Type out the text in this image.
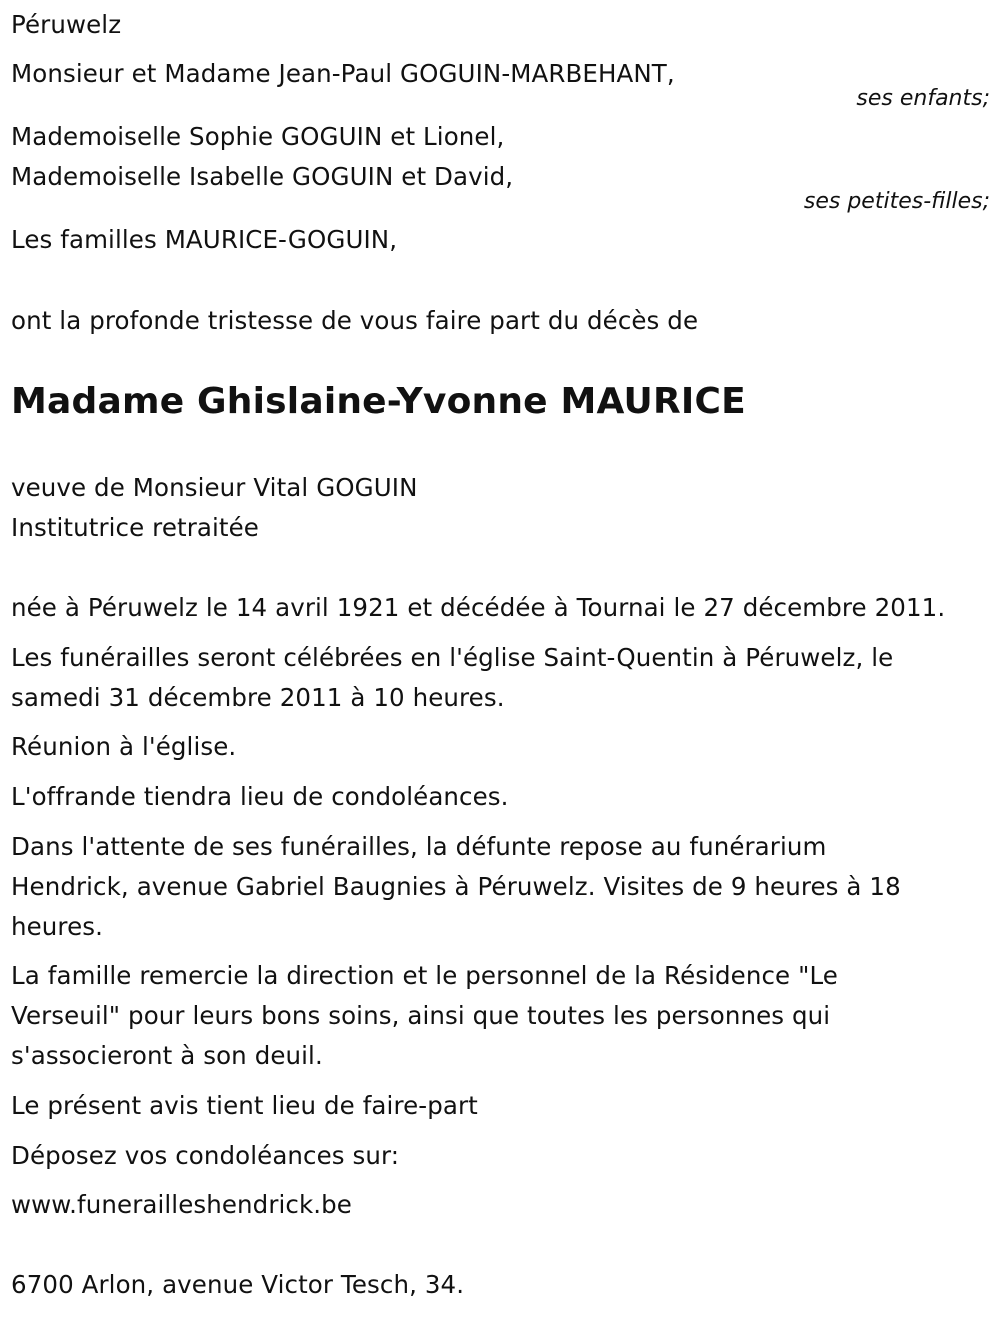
Péruwelz
Monsieur et Madame Jean-Paul GOGUIN-MARBEHANT,
ses enfants;
Mademoiselle Sophie GOGUIN et Lionel,
Mademoiselle Isabelle GOGUIN et David,
ses petites-filles;
Les familles MAURICE-GOGUIN,
ont la profonde tristesse de vous faire part du décès de
Madame Ghislaine-Yvonne MAURICE
veuve de Monsieur Vital GOGUIN
Institutrice retraitée
née à Péruwelz le 14 avril 1921 et décédée à Tournai le 27 décembre 2011.
Les funérailles seront célébrées en l'église Saint-Quentin à Péruwelz, le
samedi 31 décembre 2011 à 10 heures.
Réunion à l'église.
L'offrande tiendra lieu de condoléances.
Dans l'attente de ses funérailles, la défunte repose au funérarium
Hendrick, avenue Gabriel Baugnies à Péruwelz. Visites de 9 heures à 18
heures.
La famille remercie la direction et le personnel de la Résidence "Le
Verseuil" pour leurs bons soins, ainsi que toutes les personnes qui
s'associeront à son deuil.
Le présent avis tient lieu de faire-part
Déposez vos condoléances sur:
www.funerailleshendrick.be
6700 Arlon, avenue Victor Tesch, 34.
